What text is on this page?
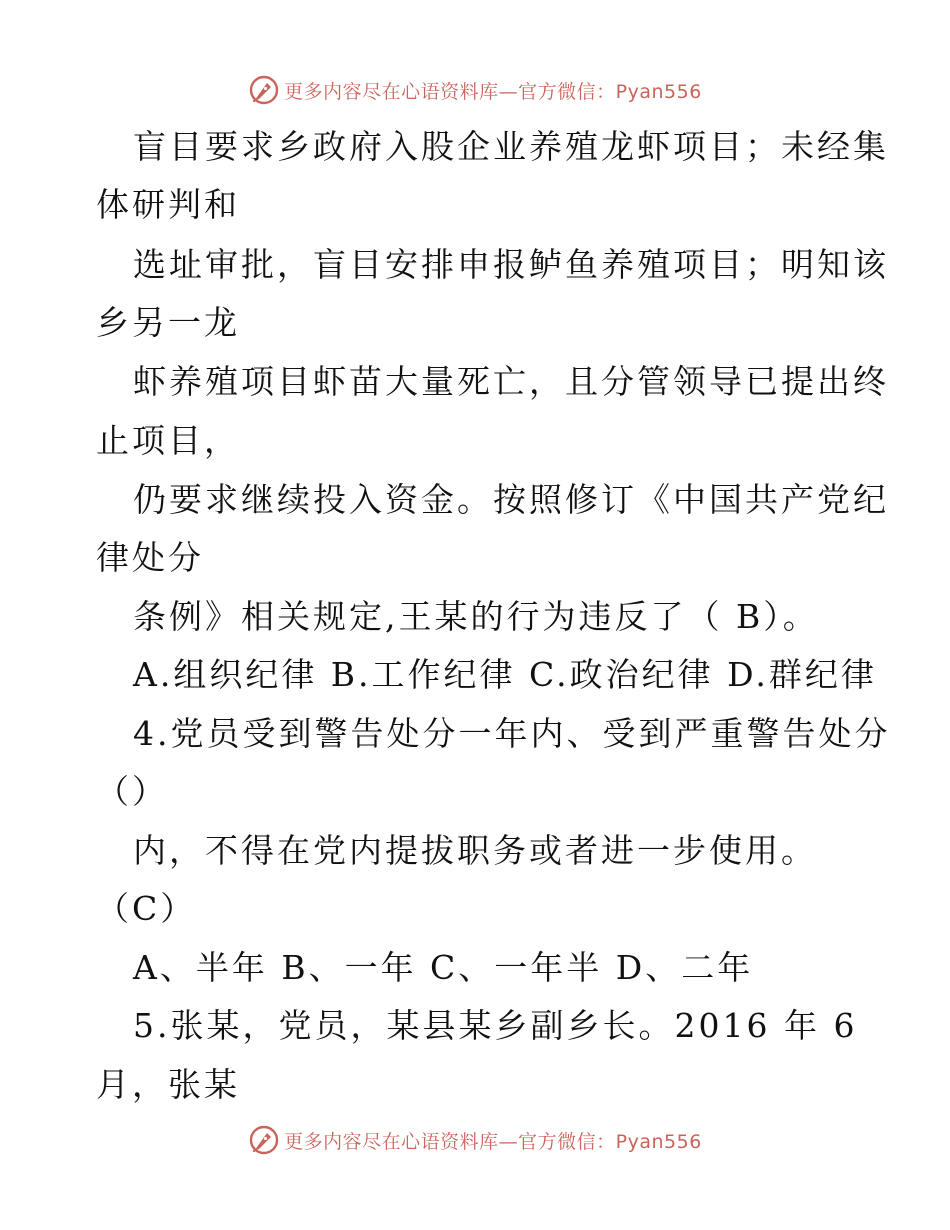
更多内容尽在心语资料库—官方微信：Pyan556
盲目要求乡政府入股企业养殖龙虾项目；未经集
体研判和
选址审批，盲目安排申报鲈鱼养殖项目；明知该
乡另一龙
虾养殖项目虾苗大量死亡，且分管领导已提出终
止项目，
仍要求继续投入资金。按照修订《中国共产党纪
律处分
条例》相关规定,王某的行为违反了（ B）。
A.组织纪律 B.工作纪律 C.政治纪律 D.群纪律
4.党员受到警告处分一年内、受到严重警告处分
（）
内，不得在党内提拔职务或者进一步使用。
（C）
A、半年 B、一年 C、一年半 D、二年
5.张某，党员，某县某乡副乡长。2016 年 6
月，张某
更多内容尽在心语资料库—官方微信：Pyan556
